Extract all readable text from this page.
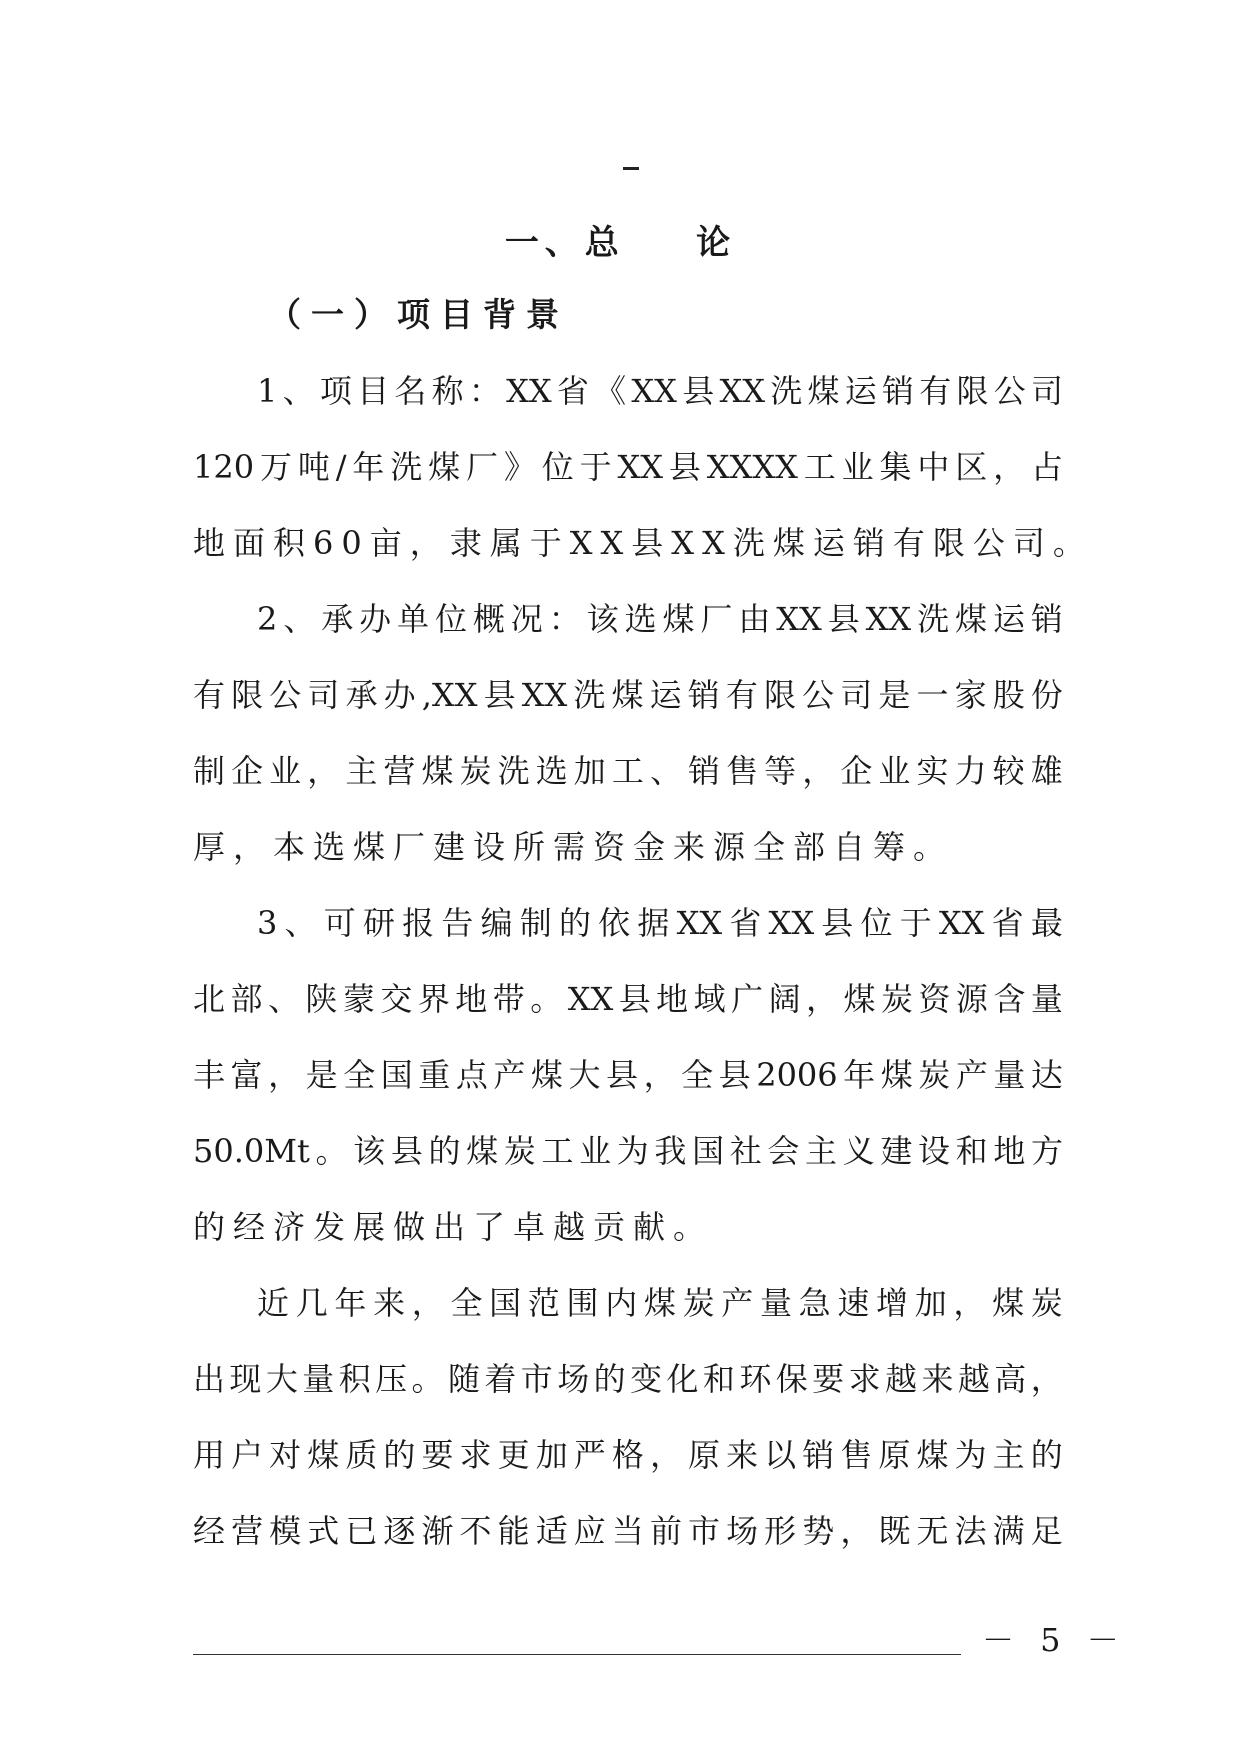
一、总    论
（一）项目背景
1 、 项 目 名 称 ： XX 省 《 XX 县 XX 洗 煤 运 销 有 限 公 司
120 万 吨 / 年 洗 煤 厂 》 位 于 XX 县 XXXX 工 业 集 中 区 ， 占
地面积60亩，隶属于XX县XX洗煤运销有限公司。
2 、 承 办 单 位 概 况 ： 该 选 煤 厂 由 XX 县 XX 洗 煤 运 销
有 限 公 司 承 办 ,XX 县 XX 洗 煤 运 销 有 限 公 司 是 一 家 股 份
制 企 业 ， 主 营 煤 炭 洗 选 加 工 、 销 售 等 ， 企 业 实 力 较 雄
厚，本选煤厂建设所需资金来源全部自筹。
3 、 可 研 报 告 编 制 的 依 据 XX 省 XX 县 位 于 XX 省 最
北 部 、 陕 蒙 交 界 地 带 。 XX 县 地 域 广 阔 ， 煤 炭 资 源 含 量
丰 富 ， 是 全 国 重 点 产 煤 大 县 ， 全 县 2006 年 煤 炭 产 量 达
50.0Mt 。 该 县 的 煤 炭 工 业 为 我 国 社 会 主 义 建 设 和 地 方
的经济发展做出了卓越贡献。
近 几 年 来 ， 全 国 范 围 内 煤 炭 产 量 急 速 增 加 ， 煤 炭
出 现 大 量 积 压 。 随 着 市 场 的 变 化 和 环 保 要 求 越 来 越 高 ，
用 户 对 煤 质 的 要 求 更 加 严 格 ， 原 来 以 销 售 原 煤 为 主 的
经 营 模 式 已 逐 渐 不 能 适 应 当 前 市 场 形 势 ， 既 无 法 满 足
－ 5 －
